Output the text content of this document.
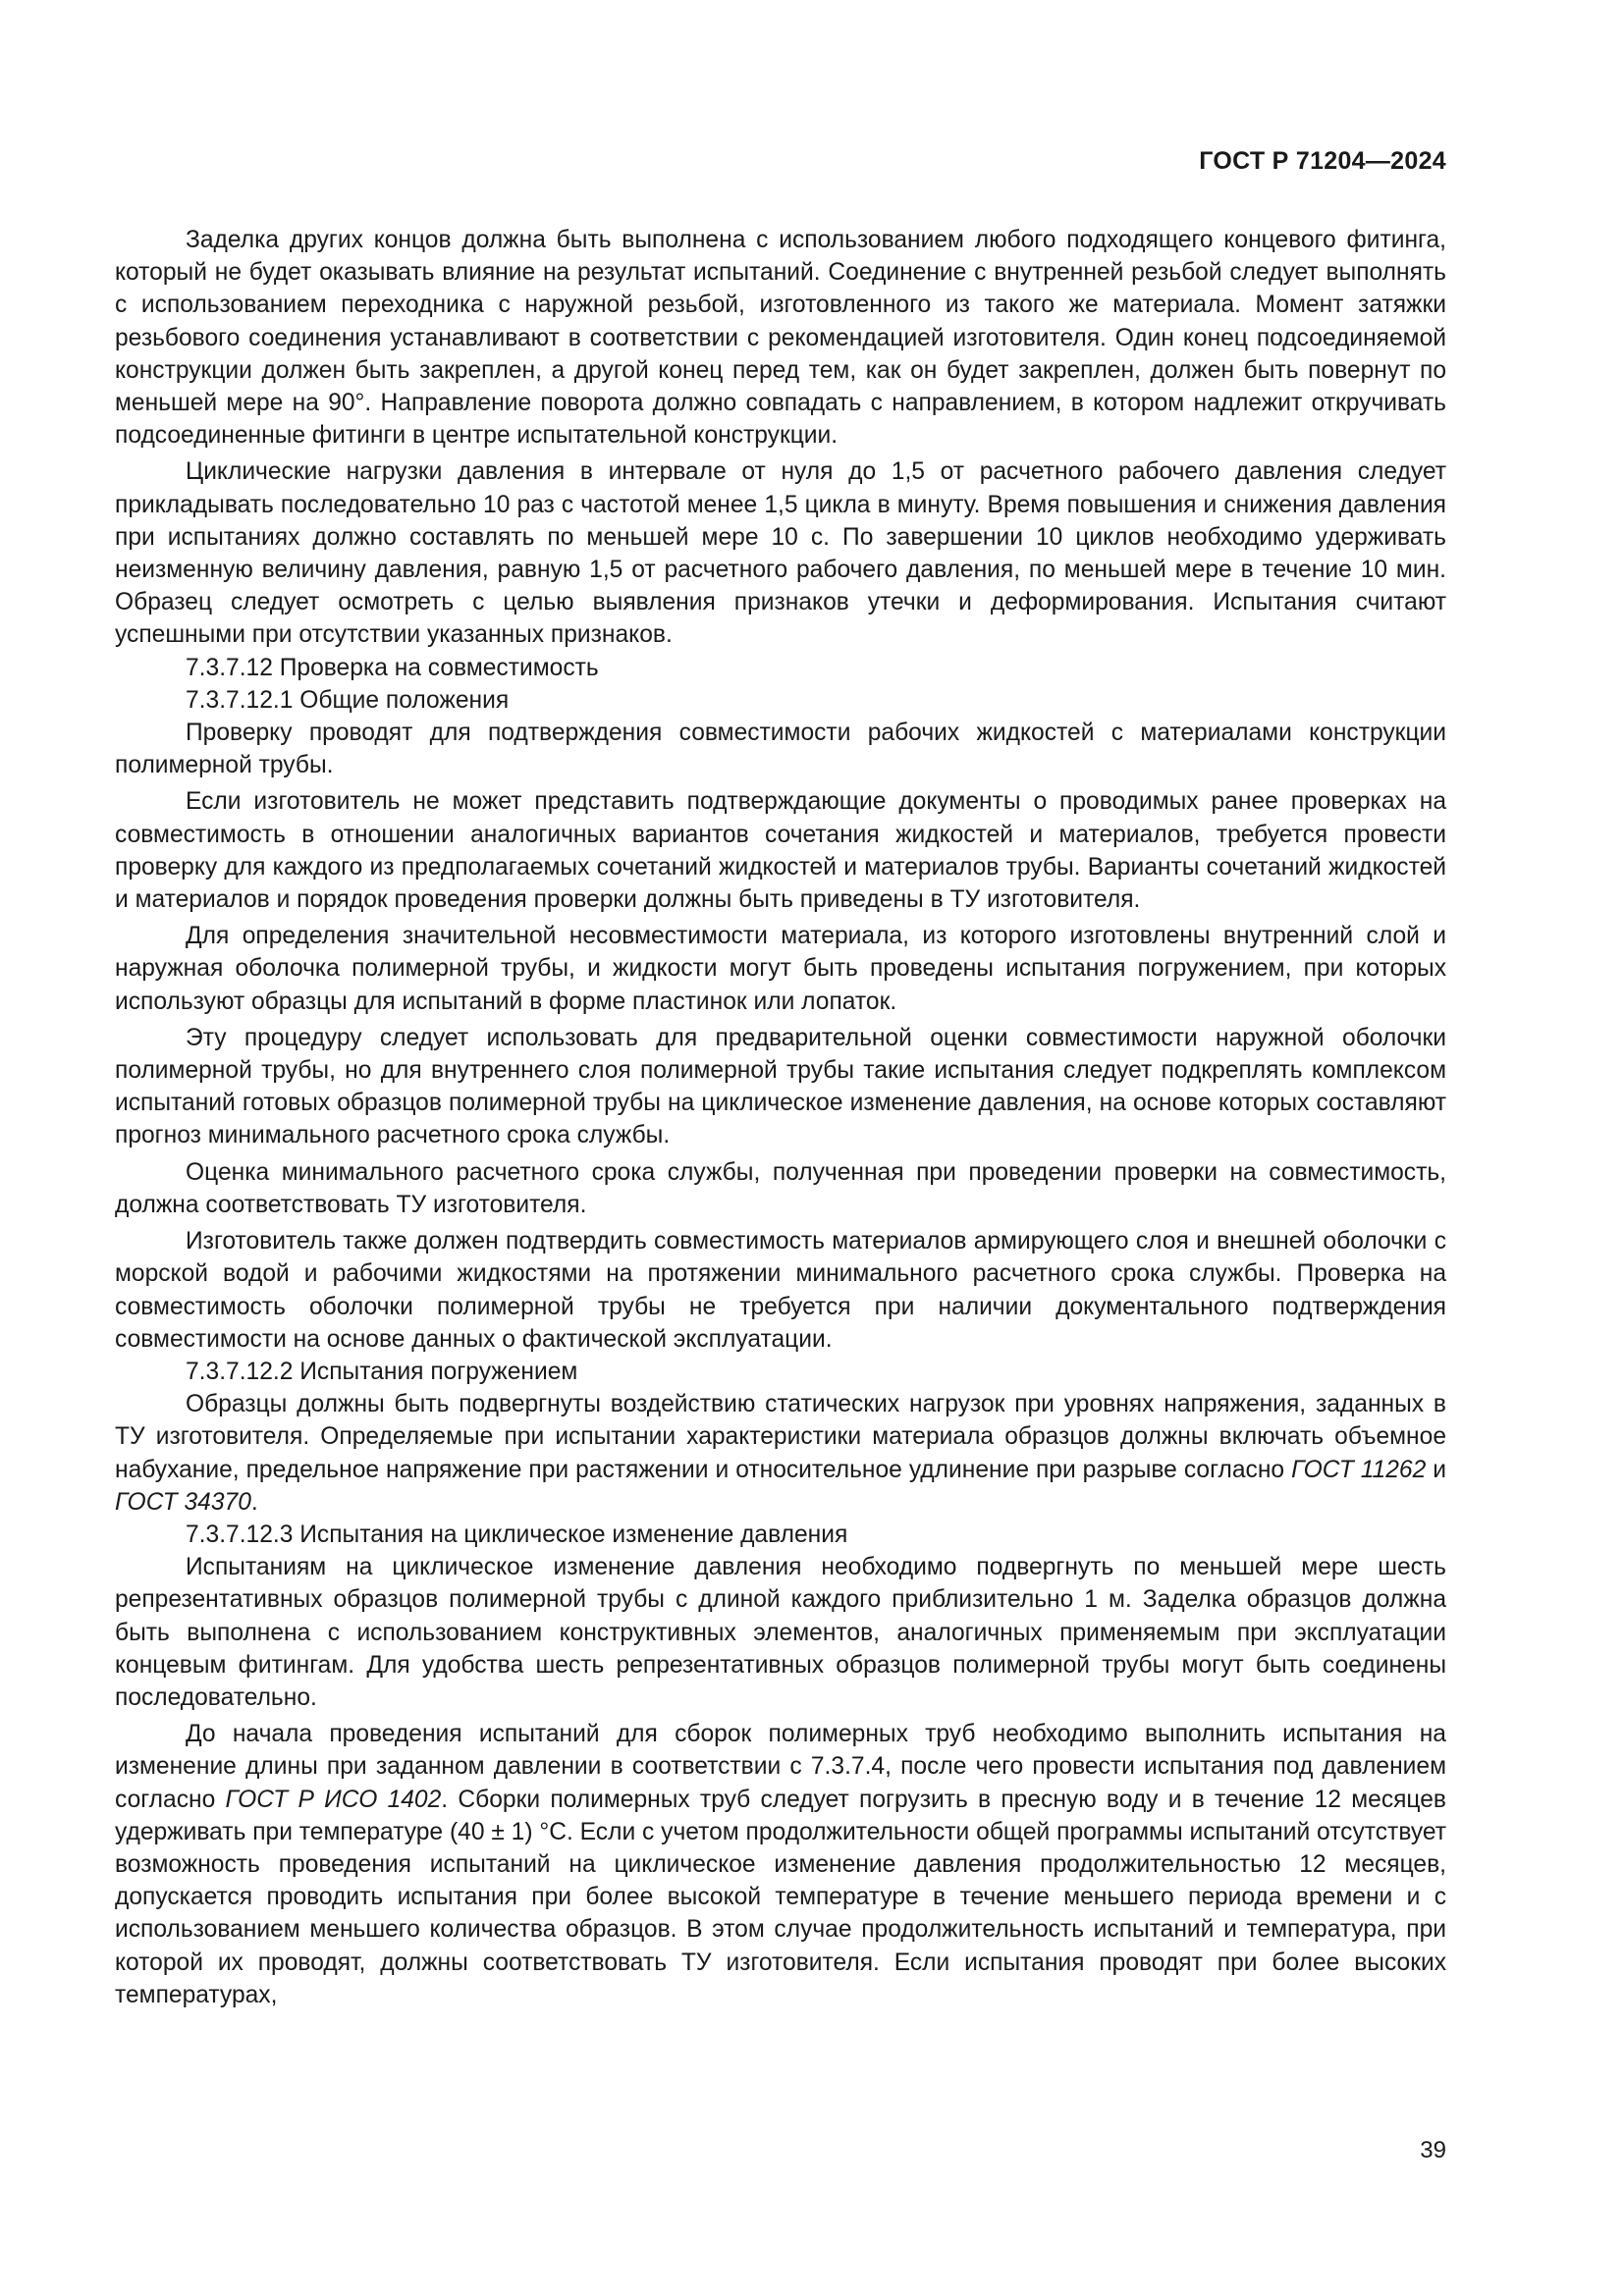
ГОСТ Р 71204—2024

Заделка других концов должна быть выполнена с использованием любого подходящего концевого фитинга, который не будет оказывать влияние на результат испытаний. Соединение с внутренней резьбой следует выполнять с использованием переходника с наружной резьбой, изготовленного из такого же материала. Момент затяжки резьбового соединения устанавливают в соответствии с рекомендацией изготовителя. Один конец подсоединяемой конструкции должен быть закреплен, а другой конец перед тем, как он будет закреплен, должен быть повернут по меньшей мере на 90°. Направление поворота должно совпадать с направлением, в котором надлежит откручивать подсоединенные фитинги в центре испытательной конструкции.

Циклические нагрузки давления в интервале от нуля до 1,5 от расчетного рабочего давления следует прикладывать последовательно 10 раз с частотой менее 1,5 цикла в минуту. Время повышения и снижения давления при испытаниях должно составлять по меньшей мере 10 с. По завершении 10 циклов необходимо удерживать неизменную величину давления, равную 1,5 от расчетного рабочего давления, по меньшей мере в течение 10 мин. Образец следует осмотреть с целью выявления признаков утечки и деформирования. Испытания считают успешными при отсутствии указанных признаков.

7.3.7.12 Проверка на совместимость

7.3.7.12.1 Общие положения

Проверку проводят для подтверждения совместимости рабочих жидкостей с материалами конструкции полимерной трубы.

Если изготовитель не может представить подтверждающие документы о проводимых ранее проверках на совместимость в отношении аналогичных вариантов сочетания жидкостей и материалов, требуется провести проверку для каждого из предполагаемых сочетаний жидкостей и материалов трубы. Варианты сочетаний жидкостей и материалов и порядок проведения проверки должны быть приведены в ТУ изготовителя.

Для определения значительной несовместимости материала, из которого изготовлены внутренний слой и наружная оболочка полимерной трубы, и жидкости могут быть проведены испытания погружением, при которых используют образцы для испытаний в форме пластинок или лопаток.

Эту процедуру следует использовать для предварительной оценки совместимости наружной оболочки полимерной трубы, но для внутреннего слоя полимерной трубы такие испытания следует подкреплять комплексом испытаний готовых образцов полимерной трубы на циклическое изменение давления, на основе которых составляют прогноз минимального расчетного срока службы.

Оценка минимального расчетного срока службы, полученная при проведении проверки на совместимость, должна соответствовать ТУ изготовителя.

Изготовитель также должен подтвердить совместимость материалов армирующего слоя и внешней оболочки с морской водой и рабочими жидкостями на протяжении минимального расчетного срока службы. Проверка на совместимость оболочки полимерной трубы не требуется при наличии документального подтверждения совместимости на основе данных о фактической эксплуатации.

7.3.7.12.2 Испытания погружением

Образцы должны быть подвергнуты воздействию статических нагрузок при уровнях напряжения, заданных в ТУ изготовителя. Определяемые при испытании характеристики материала образцов должны включать объемное набухание, предельное напряжение при растяжении и относительное удлинение при разрыве согласно ГОСТ 11262 и ГОСТ 34370.

7.3.7.12.3 Испытания на циклическое изменение давления

Испытаниям на циклическое изменение давления необходимо подвергнуть по меньшей мере шесть репрезентативных образцов полимерной трубы с длиной каждого приблизительно 1 м. Заделка образцов должна быть выполнена с использованием конструктивных элементов, аналогичных применяемым при эксплуатации концевым фитингам. Для удобства шесть репрезентативных образцов полимерной трубы могут быть соединены последовательно.

До начала проведения испытаний для сборок полимерных труб необходимо выполнить испытания на изменение длины при заданном давлении в соответствии с 7.3.7.4, после чего провести испытания под давлением согласно ГОСТ Р ИСО 1402. Сборки полимерных труб следует погрузить в пресную воду и в течение 12 месяцев удерживать при температуре (40 ± 1) °С. Если с учетом продолжительности общей программы испытаний отсутствует возможность проведения испытаний на циклическое изменение давления продолжительностью 12 месяцев, допускается проводить испытания при более высокой температуре в течение меньшего периода времени и с использованием меньшего количества образцов. В этом случае продолжительность испытаний и температура, при которой их проводят, должны соответствовать ТУ изготовителя. Если испытания проводят при более высоких температурах,

39
